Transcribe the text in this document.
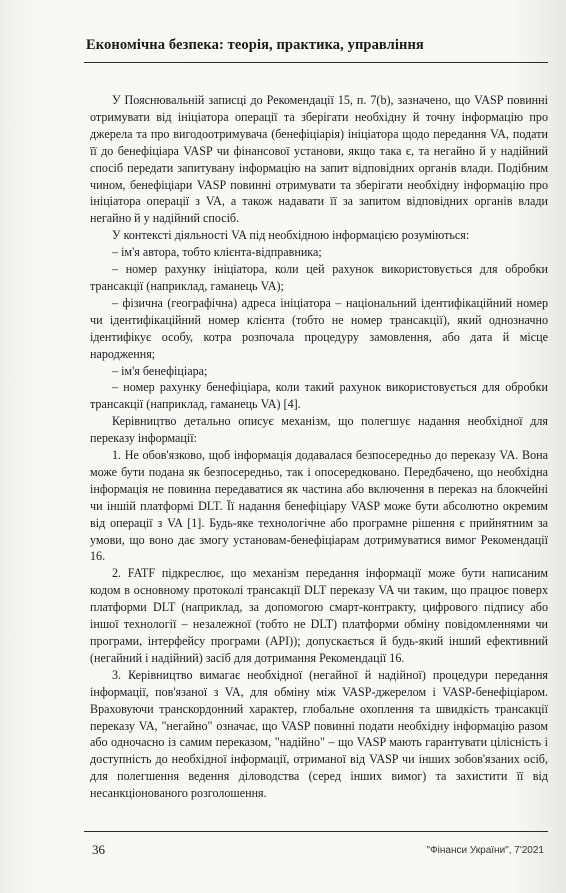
Економічна безпека: теорія, практика, управління

У Пояснювальній записці до Рекомендації 15, п. 7(b), зазначено, що VASP повинні отримувати від ініціатора операції та зберігати необхідну й точну інформацію про джерела та про вигодоотримувача (бенефіціарія) ініціатора щодо передання VA, подати її до бенефіціара VASP чи фінансової установи, якщо така є, та негайно й у надійний спосіб передати запитувану інформацію на запит відповідних органів влади. Подібним чином, бенефіціари VASP повинні отримувати та зберігати необхідну інформацію про ініціатора операції з VA, а також надавати її за запитом відповідних органів влади негайно й у надійний спосіб.

У контексті діяльності VA під необхідною інформацією розуміються:

– ім'я автора, тобто клієнта-відправника;

– номер рахунку ініціатора, коли цей рахунок використовується для обробки трансакції (наприклад, гаманець VA);

– фізична (географічна) адреса ініціатора – національний ідентифікаційний номер чи ідентифікаційний номер клієнта (тобто не номер трансакції), який однозначно ідентифікує особу, котра розпочала процедуру замовлення, або дата й місце народження;

– ім'я бенефіціара;

– номер рахунку бенефіціара, коли такий рахунок використовується для обробки трансакції (наприклад, гаманець VA) [4].

Керівництво детально описує механізм, що полегшує надання необхідної для переказу інформації:

1. Не обов'язково, щоб інформація додавалася безпосередньо до переказу VA. Вона може бути подана як безпосередньо, так і опосередковано. Передбачено, що необхідна інформація не повинна передаватися як частина або включення в переказ на блокчейні чи іншій платформі DLT. Її надання бенефіціару VASP може бути абсолютно окремим від операції з VA [1]. Будь-яке технологічне або програмне рішення є прийнятним за умови, що воно дає змогу установам-бенефіціарам дотримуватися вимог Рекомендації 16.

2. FATF підкреслює, що механізм передання інформації може бути написаним кодом в основному протоколі трансакції DLT переказу VA чи таким, що працює поверх платформи DLT (наприклад, за допомогою смарт-контракту, цифрового підпису або іншої технології – незалежної (тобто не DLT) платформи обміну повідомленнями чи програми, інтерфейсу програми (API)); допускається й будь-який інший ефективний (негайний і надійний) засіб для дотримання Рекомендації 16.

3. Керівництво вимагає необхідної (негайної й надійної) процедури передання інформації, пов'язаної з VA, для обміну між VASP-джерелом і VASP-бенефіціаром. Враховуючи транскордонний характер, глобальне охоплення та швидкість трансакції переказу VA, "негайно" означає, що VASP повинні подати необхідну інформацію разом або одночасно із самим переказом, "надійно" – що VASP мають гарантувати цілісність і доступність до необхідної інформації, отриманої від VASP чи інших зобов'язаних осіб, для полегшення ведення діловодства (серед інших вимог) та захистити її від несанкціонованого розголошення.

36	"Фінанси України", 7'2021
